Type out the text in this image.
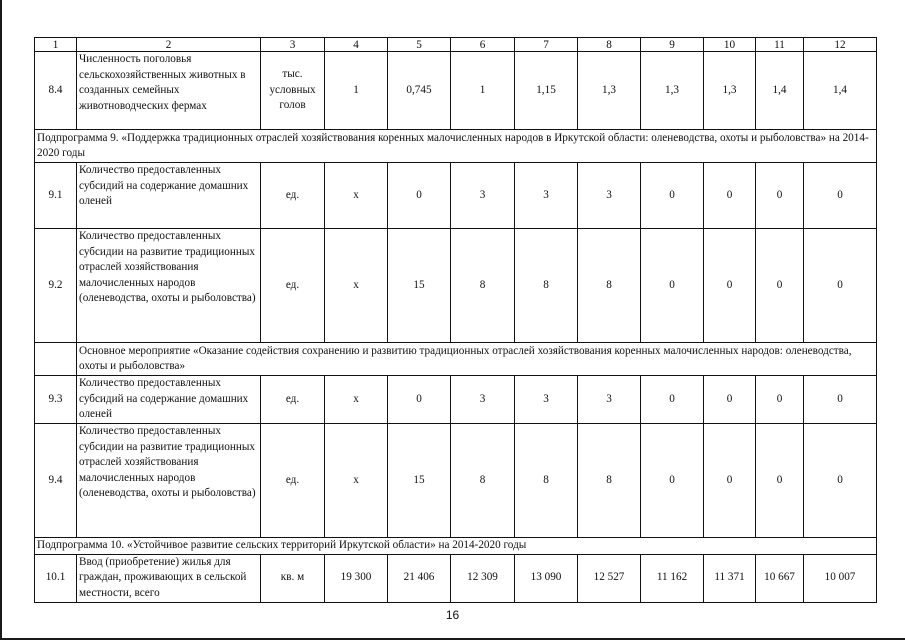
1	2	3	4	5	6	7	8	9	10	11	12
8.4	Численность поголовья сельскохозяйственных животных в созданных семейных животноводческих фермах	тыс. условных голов	1	0,745	1	1,15	1,3	1,3	1,3	1,4	1,4
Подпрограмма 9. «Поддержка традиционных отраслей хозяйствования коренных малочисленных народов в Иркутской области: оленеводства, охоты и рыболовства» на 2014-2020 годы											
9.1	Количество предоставленных субсидий на содержание домашних оленей	ед.	х	0	3	3	3	0	0	0	0
9.2	Количество предоставленных субсидии на развитие традиционных отраслей хозяйствования малочисленных народов (оленеводства, охоты и рыболовства)	ед.	х	15	8	8	8	0	0	0	0
	Основное мероприятие «Оказание содействия сохранению и развитию традиционных отраслей хозяйствования коренных малочисленных народов: оленеводства, охоты и рыболовства»										
9.3	Количество предоставленных субсидий на содержание домашних оленей	ед.	х	0	3	3	3	0	0	0	0
9.4	Количество предоставленных субсидии на развитие традиционных отраслей хозяйствования малочисленных народов (оленеводства, охоты и рыболовства)	ед.	х	15	8	8	8	0	0	0	0
Подпрограмма 10. «Устойчивое развитие сельских территорий Иркутской области» на 2014-2020 годы											
10.1	Ввод (приобретение) жилья для граждан, проживающих в сельской местности, всего	кв. м	19 300	21 406	12 309	13 090	12 527	11 162	11 371	10 667	10 007
16
